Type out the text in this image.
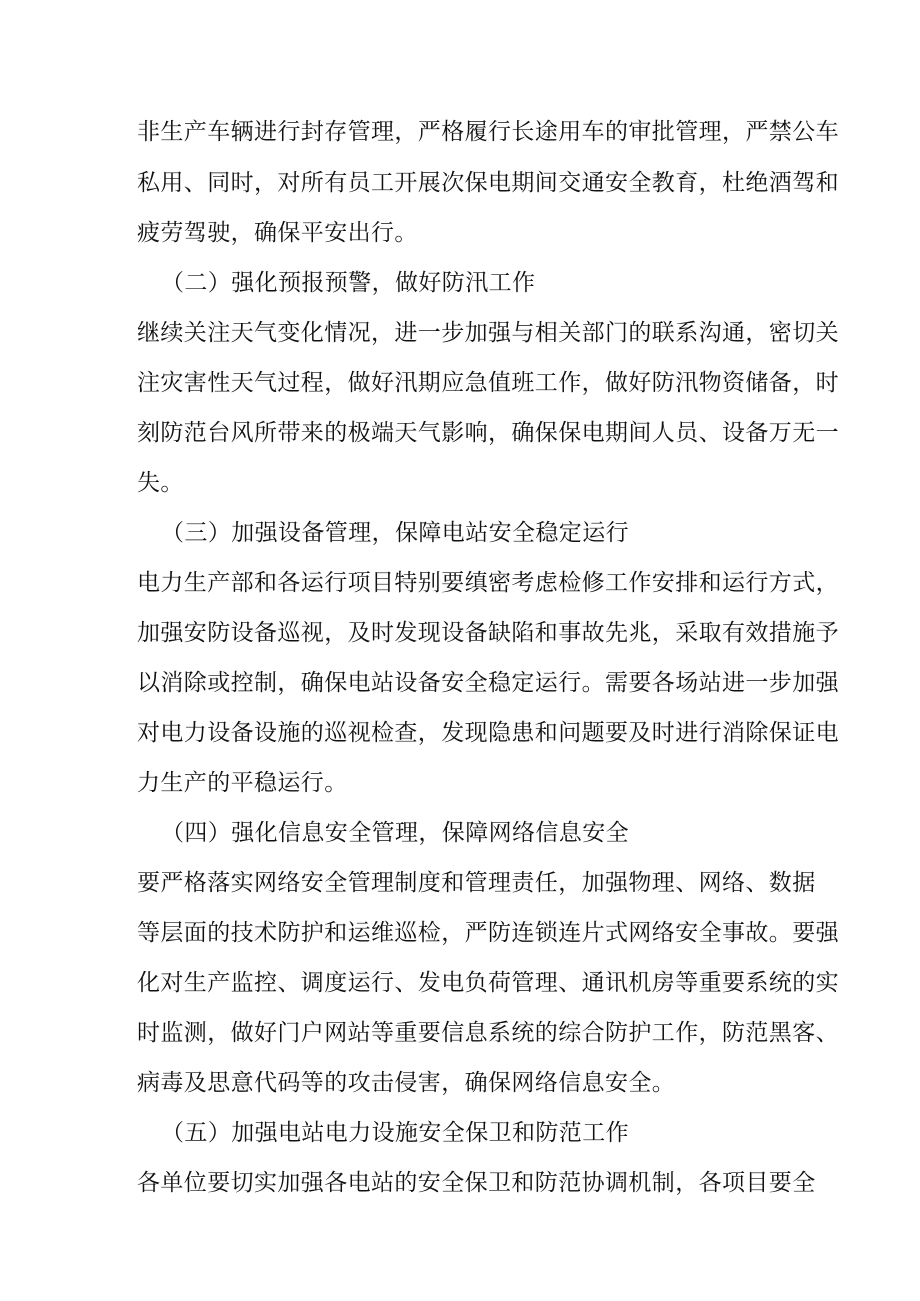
非生产车辆进行封存管理，严格履行长途用车的审批管理，严禁公车

私用、同时，对所有员工开展次保电期间交通安全教育，杜绝酒驾和

疲劳驾驶，确保平安出行。

（二）强化预报预警，做好防汛工作

继续关注天气变化情况，进一步加强与相关部门的联系沟通，密切关

注灾害性天气过程，做好汛期应急值班工作，做好防汛物资储备，时

刻防范台风所带来的极端天气影响，确保保电期间人员、设备万无一

失。

（三）加强设备管理，保障电站安全稳定运行

电力生产部和各运行项目特别要缜密考虑检修工作安排和运行方式，

加强安防设备巡视，及时发现设备缺陷和事故先兆，采取有效措施予

以消除或控制，确保电站设备安全稳定运行。需要各场站进一步加强

对电力设备设施的巡视检查，发现隐患和问题要及时进行消除保证电

力生产的平稳运行。

（四）强化信息安全管理，保障网络信息安全

要严格落实网络安全管理制度和管理责任，加强物理、网络、数据

等层面的技术防护和运维巡检，严防连锁连片式网络安全事故。要强

化对生产监控、调度运行、发电负荷管理、通讯机房等重要系统的实

时监测，做好门户网站等重要信息系统的综合防护工作，防范黑客、

病毒及思意代码等的攻击侵害，确保网络信息安全。

（五）加强电站电力设施安全保卫和防范工作

各单位要切实加强各电站的安全保卫和防范协调机制，各项目要全
